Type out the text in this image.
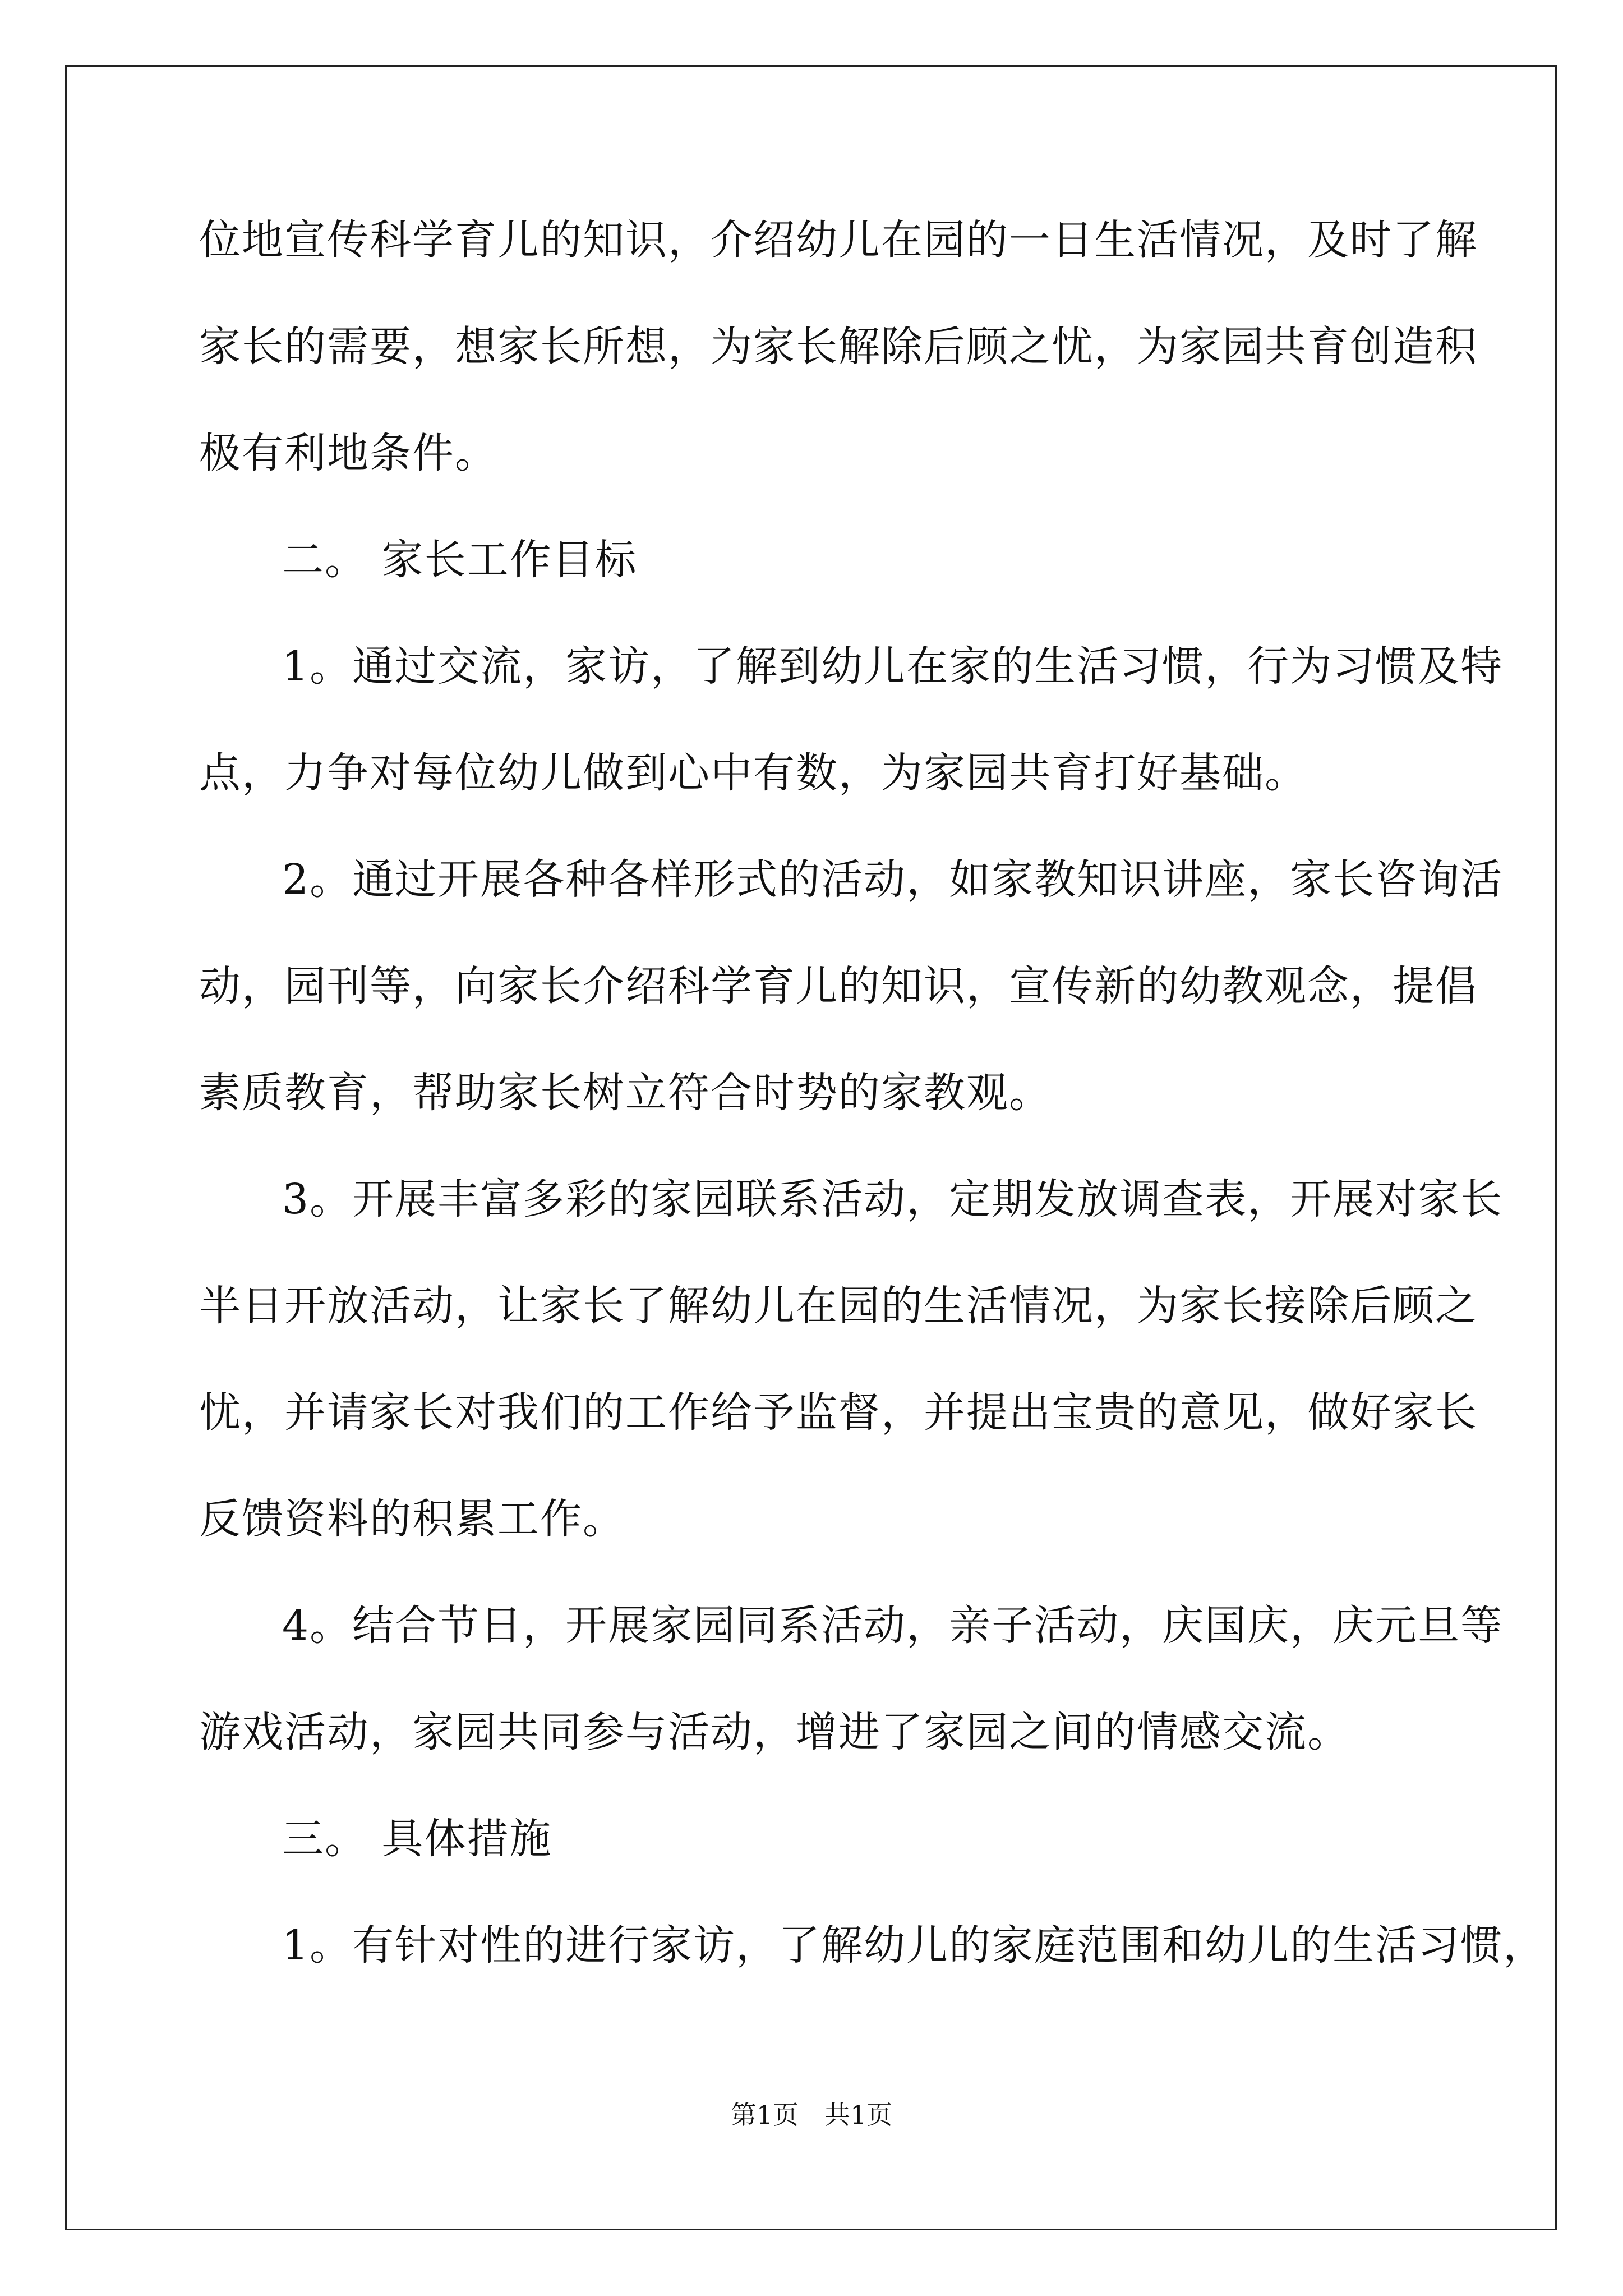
位地宣传科学育儿的知识，介绍幼儿在园的一日生活情况，及时了解
家长的需要，想家长所想，为家长解除后顾之忧，为家园共育创造积
极有利地条件。
二。 家长工作目标
1。通过交流，家访，了解到幼儿在家的生活习惯，行为习惯及特
点，力争对每位幼儿做到心中有数，为家园共育打好基础。
2。通过开展各种各样形式的活动，如家教知识讲座，家长咨询活
动，园刊等，向家长介绍科学育儿的知识，宣传新的幼教观念，提倡
素质教育，帮助家长树立符合时势的家教观。
3。开展丰富多彩的家园联系活动，定期发放调查表，开展对家长
半日开放活动，让家长了解幼儿在园的生活情况，为家长接除后顾之
忧，并请家长对我们的工作给予监督，并提出宝贵的意见，做好家长
反馈资料的积累工作。
4。结合节日，开展家园同系活动，亲子活动，庆国庆，庆元旦等
游戏活动，家园共同参与活动，增进了家园之间的情感交流。
三。 具体措施
1。有针对性的进行家访，了解幼儿的家庭范围和幼儿的生活习惯，
第1页　共1页
